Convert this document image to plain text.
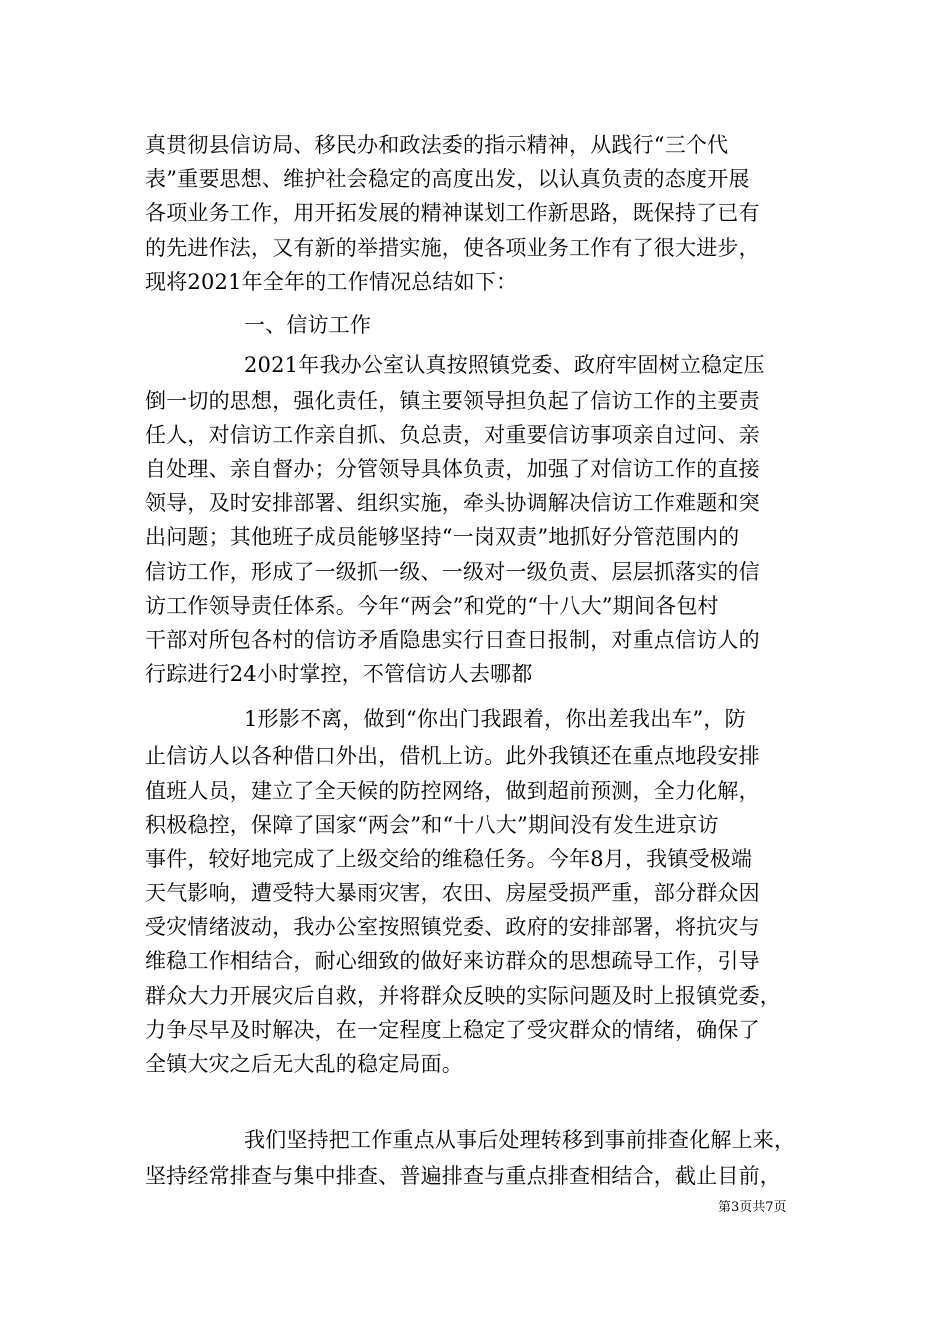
真贯彻县信访局、移民办和政法委的指示精神，从践行“三个代
表”重要思想、维护社会稳定的高度出发，以认真负责的态度开展
各项业务工作，用开拓发展的精神谋划工作新思路，既保持了已有
的先进作法，又有新的举措实施，使各项业务工作有了很大进步，
现将2021年全年的工作情况总结如下：
一、信访工作
2021年我办公室认真按照镇党委、政府牢固树立稳定压
倒一切的思想，强化责任，镇主要领导担负起了信访工作的主要责
任人，对信访工作亲自抓、负总责，对重要信访事项亲自过问、亲
自处理、亲自督办；分管领导具体负责，加强了对信访工作的直接
领导，及时安排部署、组织实施，牵头协调解决信访工作难题和突
出问题；其他班子成员能够坚持“一岗双责”地抓好分管范围内的
信访工作，形成了一级抓一级、一级对一级负责、层层抓落实的信
访工作领导责任体系。今年“两会”和党的“十八大”期间各包村
干部对所包各村的信访矛盾隐患实行日查日报制，对重点信访人的
行踪进行24小时掌控，不管信访人去哪都
1形影不离，做到“你出门我跟着，你出差我出车”，防
止信访人以各种借口外出，借机上访。此外我镇还在重点地段安排
值班人员，建立了全天候的防控网络，做到超前预测，全力化解，
积极稳控，保障了国家“两会”和“十八大”期间没有发生进京访
事件，较好地完成了上级交给的维稳任务。今年8月，我镇受极端
天气影响，遭受特大暴雨灾害，农田、房屋受损严重，部分群众因
受灾情绪波动，我办公室按照镇党委、政府的安排部署，将抗灾与
维稳工作相结合，耐心细致的做好来访群众的思想疏导工作，引导
群众大力开展灾后自救，并将群众反映的实际问题及时上报镇党委，
力争尽早及时解决，在一定程度上稳定了受灾群众的情绪，确保了
全镇大灾之后无大乱的稳定局面。
我们坚持把工作重点从事后处理转移到事前排查化解上来，
坚持经常排查与集中排查、普遍排查与重点排查相结合，截止目前，
第3页共7页
